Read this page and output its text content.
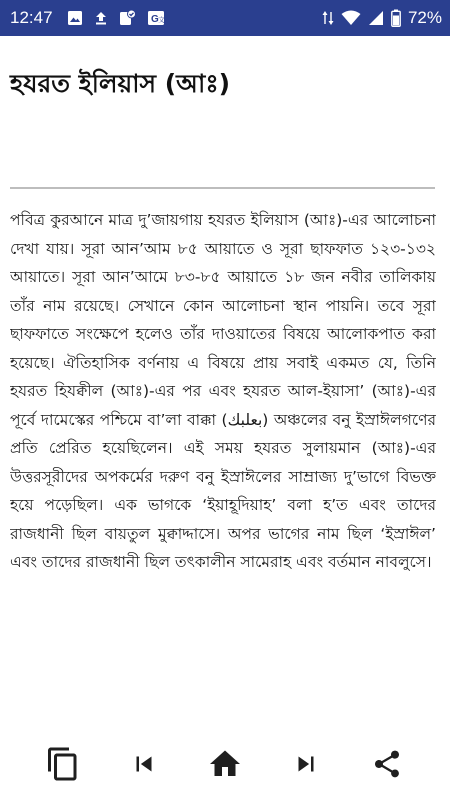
12:47	G 文	72%
হযরত ইলিয়াস (আঃ)

পবিত্র কুরআনে মাত্র দু’জায়গায় হযরত ইলিয়াস (আঃ)-এর আলোচনা দেখা যায়। সূরা আন’আম ৮৫ আয়াতে ও সূরা ছাফফাত ১২৩-১৩২ আয়াতে। সূরা আন’আমে ৮৩-৮৫ আয়াতে ১৮ জন নবীর তালিকায় তাঁর নাম রয়েছে। সেখানে কোন আলোচনা স্থান পায়নি। তবে সূরা ছাফফাতে সংক্ষেপে হলেও তাঁর দাওয়াতের বিষয়ে আলোকপাত করা হয়েছে। ঐতিহাসিক বর্ণনায় এ বিষয়ে প্রায় সবাই একমত যে, তিনি হযরত হিযক্বীল (আঃ)-এর পর এবং হযরত আল-ইয়াসা’ (আঃ)-এর পূর্বে দামেস্কের পশ্চিমে বা’লা বাক্কা (بعلبك) অঞ্চলের বনু ইস্রাঈলগণের প্রতি প্রেরিত হয়েছিলেন। এই সময় হযরত সুলায়মান (আঃ)-এর উত্তরসূরীদের অপকর্মের দরুণ বনু ইস্রাঈলের সাম্রাজ্য দু’ভাগে বিভক্ত হয়ে পড়েছিল। এক ভাগকে ‘ইয়াহূদিয়াহ’ বলা হ’ত এবং তাদের রাজধানী ছিল বায়তুল মুক্বাদ্দাসে। অপর ভাগের নাম ছিল ‘ইস্রাঈল’ এবং তাদের রাজধানী ছিল তৎকালীন সামেরাহ এবং বর্তমান নাবলুসে।
